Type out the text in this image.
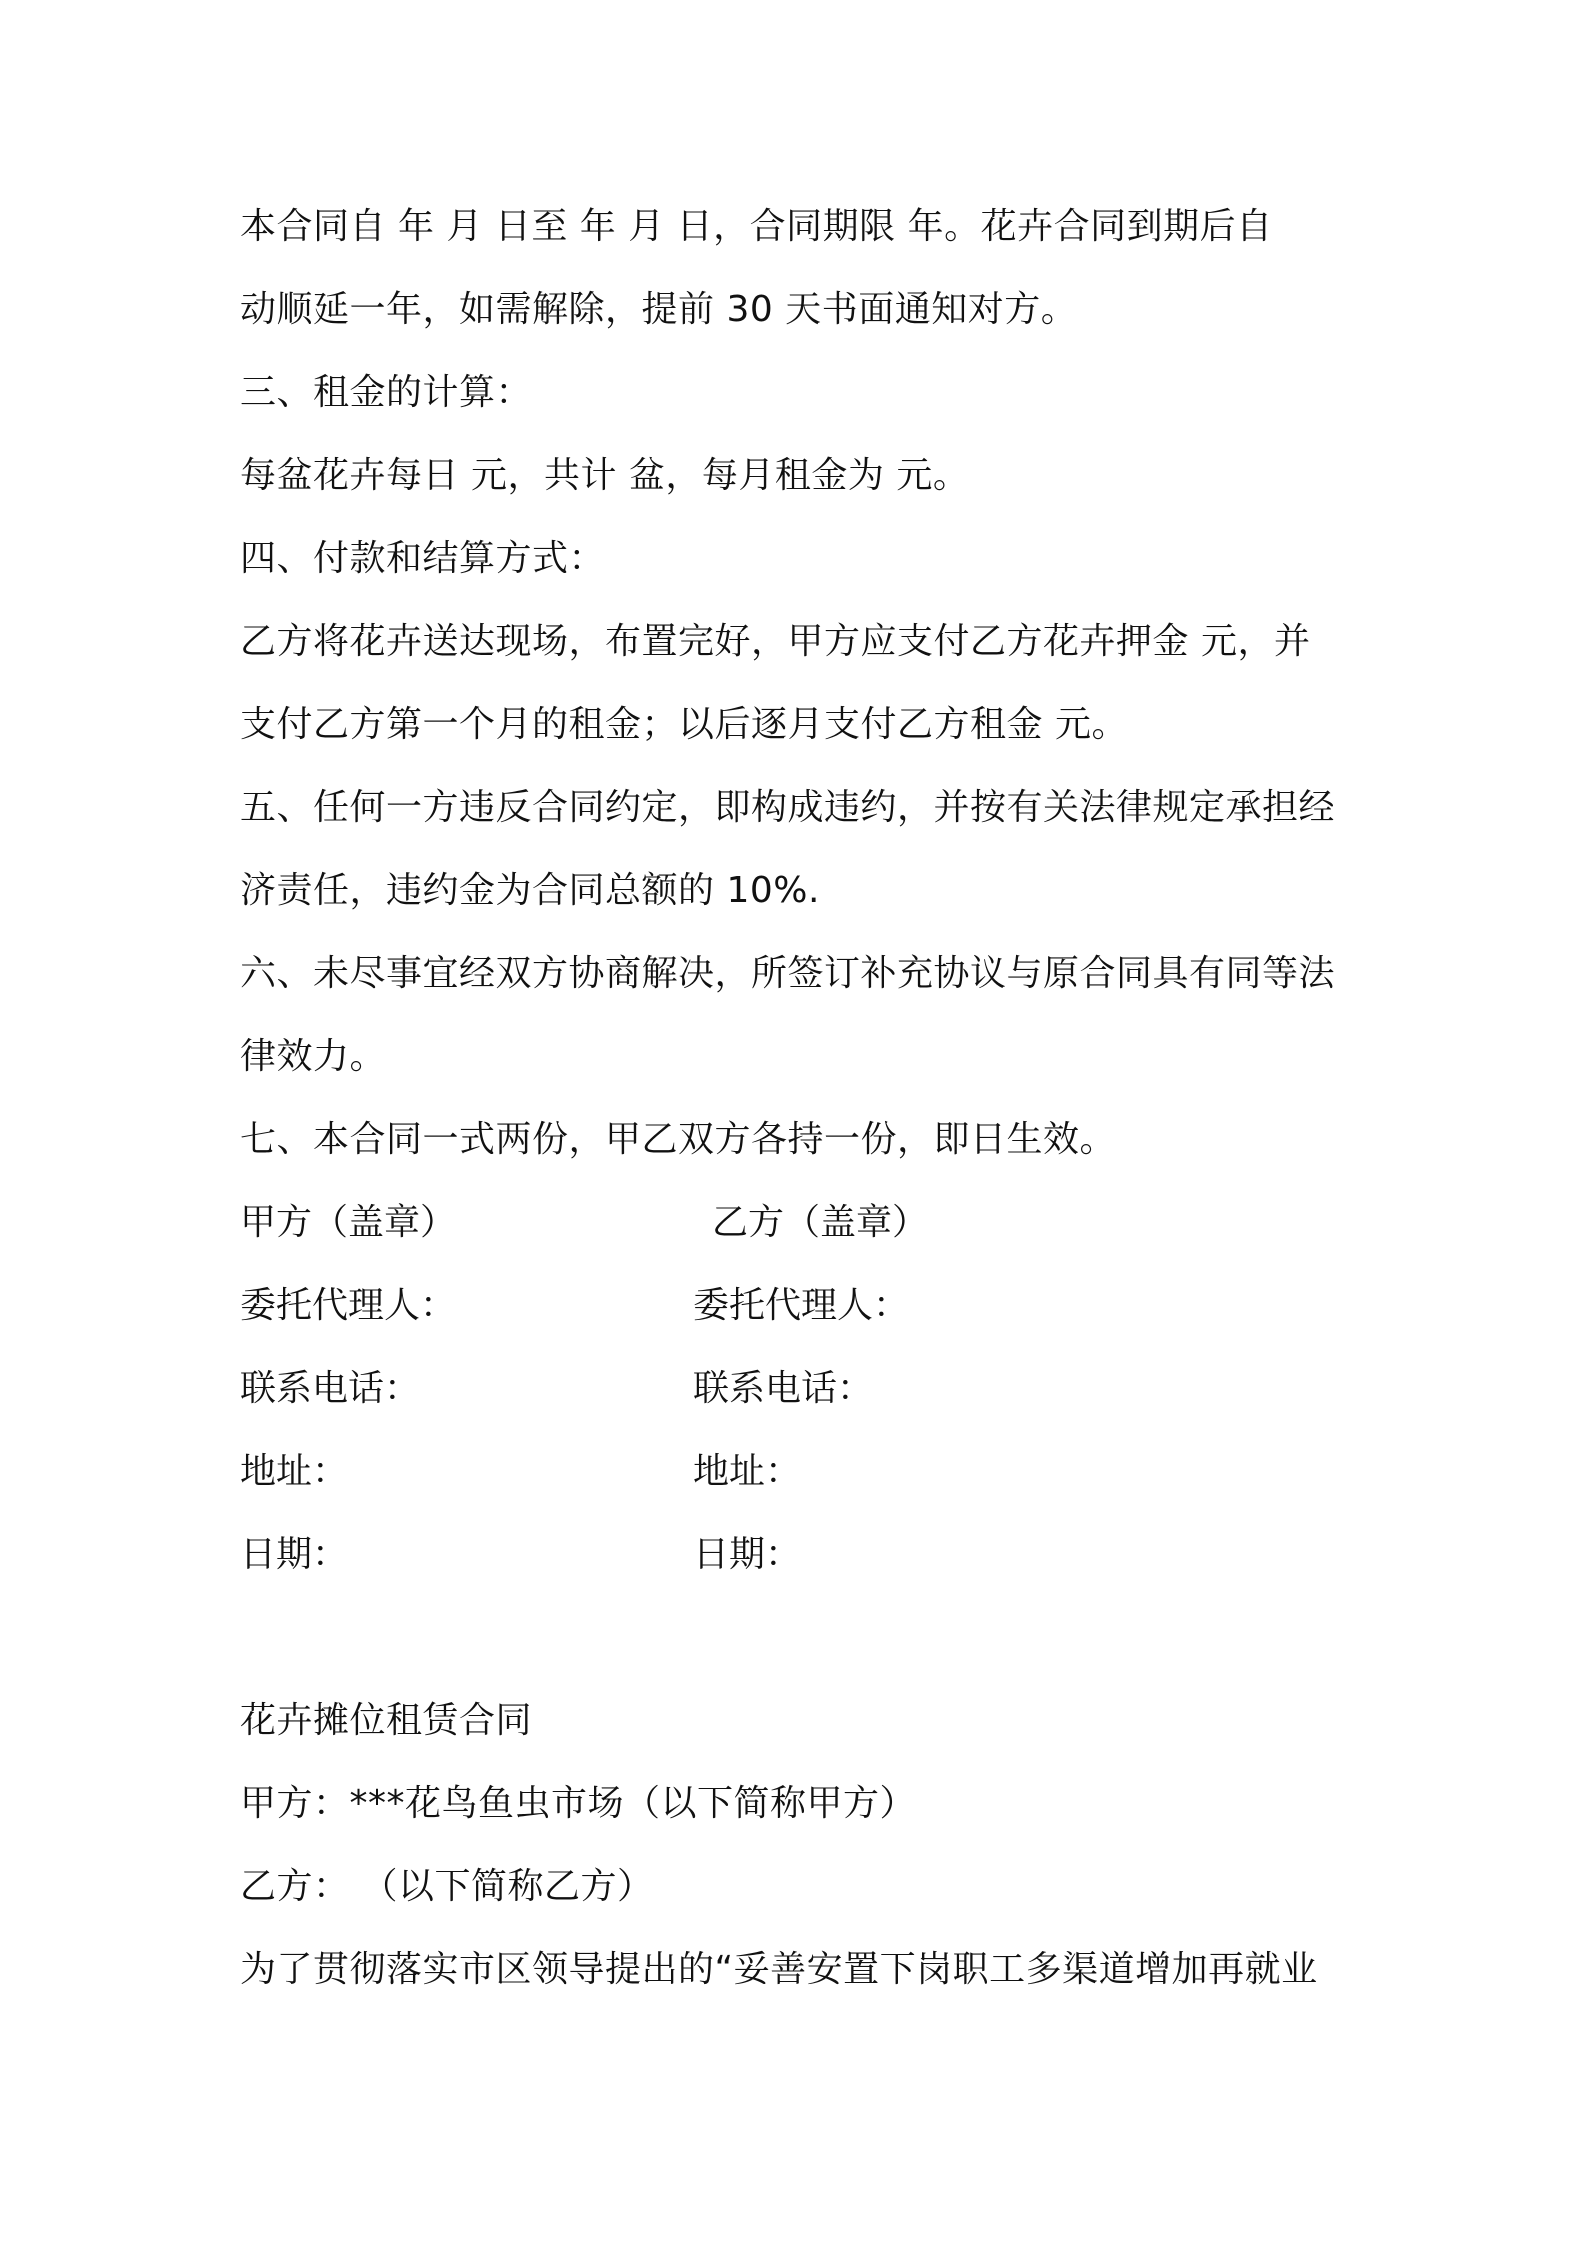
本合同自 年 月 日至 年 月 日，合同期限 年。花卉合同到期后自
动顺延一年，如需解除，提前 30 天书面通知对方。
三、租金的计算：
每盆花卉每日 元，共计 盆，每月租金为 元。
四、付款和结算方式：
乙方将花卉送达现场，布置完好，甲方应支付乙方花卉押金 元，并
支付乙方第一个月的租金；以后逐月支付乙方租金 元。
五、任何一方违反合同约定，即构成违约，并按有关法律规定承担经
济责任，违约金为合同总额的 10%.
六、未尽事宜经双方协商解决，所签订补充协议与原合同具有同等法
律效力。
七、本合同一式两份，甲乙双方各持一份，即日生效。
甲方（盖章）	乙方（盖章）
委托代理人：	委托代理人：
联系电话：	联系电话：
地址：	地址：
日期：	日期：
花卉摊位租赁合同
甲方：***花鸟鱼虫市场（以下简称甲方）
乙方： （以下简称乙方）
为了贯彻落实市区领导提出的“妥善安置下岗职工多渠道增加再就业
